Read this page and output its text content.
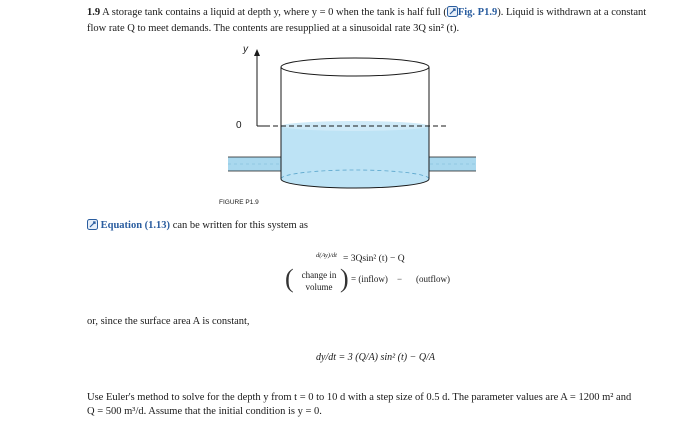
1.9 A storage tank contains a liquid at depth y, where y = 0 when the tank is half full ( Fig. P1.9). Liquid is withdrawn at a constant
flow rate Q to meet demands. The contents are resupplied at a sinusoidal rate 3Q sin² (t).
y
0
FIGURE P1.9
Equation (1.13) can be written for this system as
d(Ay)/dt = 3Qsin² (t) − Q
( change in
volume ) = (inflow) − (outflow)
or, since the surface area A is constant,
dy/dt = 3 (Q/A) sin² (t) − Q/A
Use Euler's method to solve for the depth y from t = 0 to 10 d with a step size of 0.5 d. The parameter values are A = 1200 m² and
Q = 500 m³/d. Assume that the initial condition is y = 0.
